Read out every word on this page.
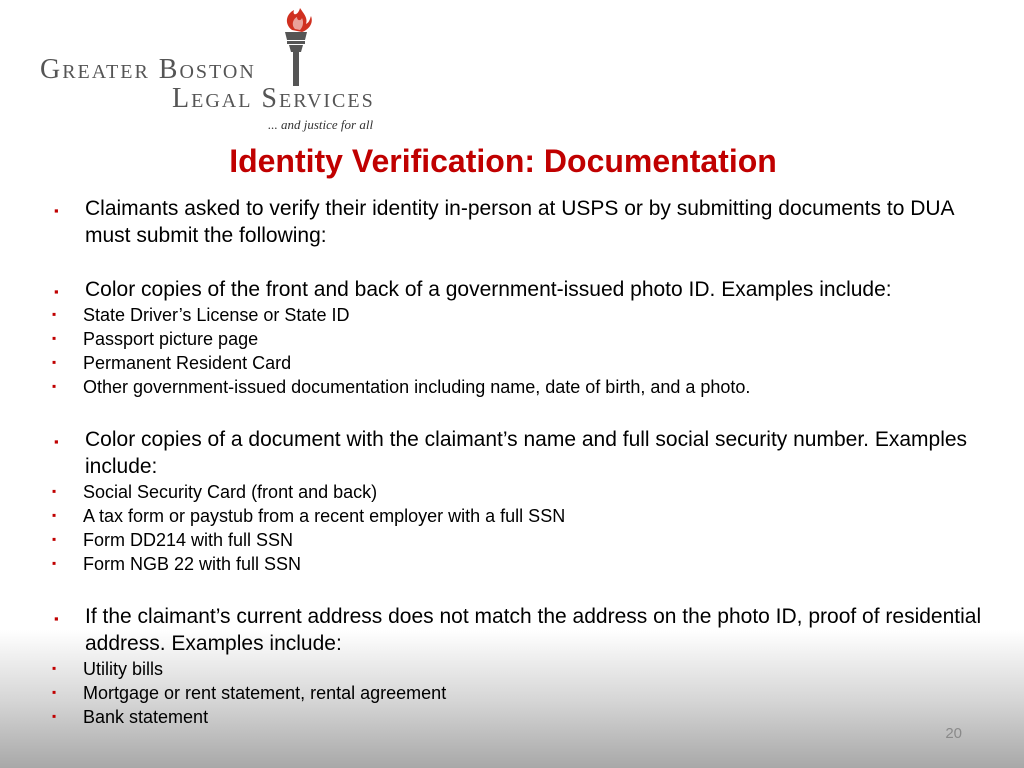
Greater Boston
Legal Services
... and justice for all
Identity Verification: Documentation
▪ Claimants asked to verify their identity in-person at USPS or by submitting documents to DUA must submit the following:
▪ Color copies of the front and back of a government-issued photo ID. Examples include:
▪ State Driver’s License or State ID
▪ Passport picture page
▪ Permanent Resident Card
▪ Other government-issued documentation including name, date of birth, and a photo.
▪ Color copies of a document with the claimant’s name and full social security number. Examples include:
▪ Social Security Card (front and back)
▪ A tax form or paystub from a recent employer with a full SSN
▪ Form DD214 with full SSN
▪ Form NGB 22 with full SSN
▪ If the claimant’s current address does not match the address on the photo ID, proof of residential address. Examples include:
▪ Utility bills
▪ Mortgage or rent statement, rental agreement
▪ Bank statement
20
